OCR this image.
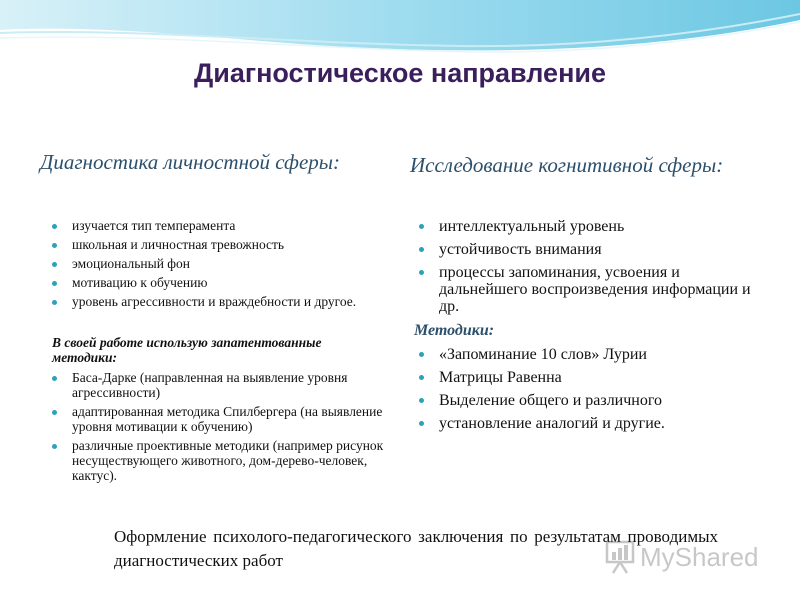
Диагностическое направление
Диагностика личностной сферы:	Исследование когнитивной сферы:
изучается тип темперамента
школьная и личностная тревожность
эмоциональный фон
мотивацию к обучению
уровень агрессивности и враждебности и другое.
В своей работе использую запатентованные методики:
Баса-Дарке (направленная на выявление уровня агрессивности)
адаптированная методика Спилбергера (на выявление уровня мотивации к обучению)
различные проективные методики (например рисунок несуществующего животного, дом-дерево-человек, кактус).
интеллектуальный уровень
устойчивость внимания
процессы запоминания, усвоения и дальнейшего воспроизведения информации и др.
Методики:
«Запоминание 10 слов» Лурии
Матрицы Равенна
Выделение общего и различного
установление аналогий и другие.
Оформление психолого-педагогического заключения по результатам проводимых диагностических работ	MyShared
